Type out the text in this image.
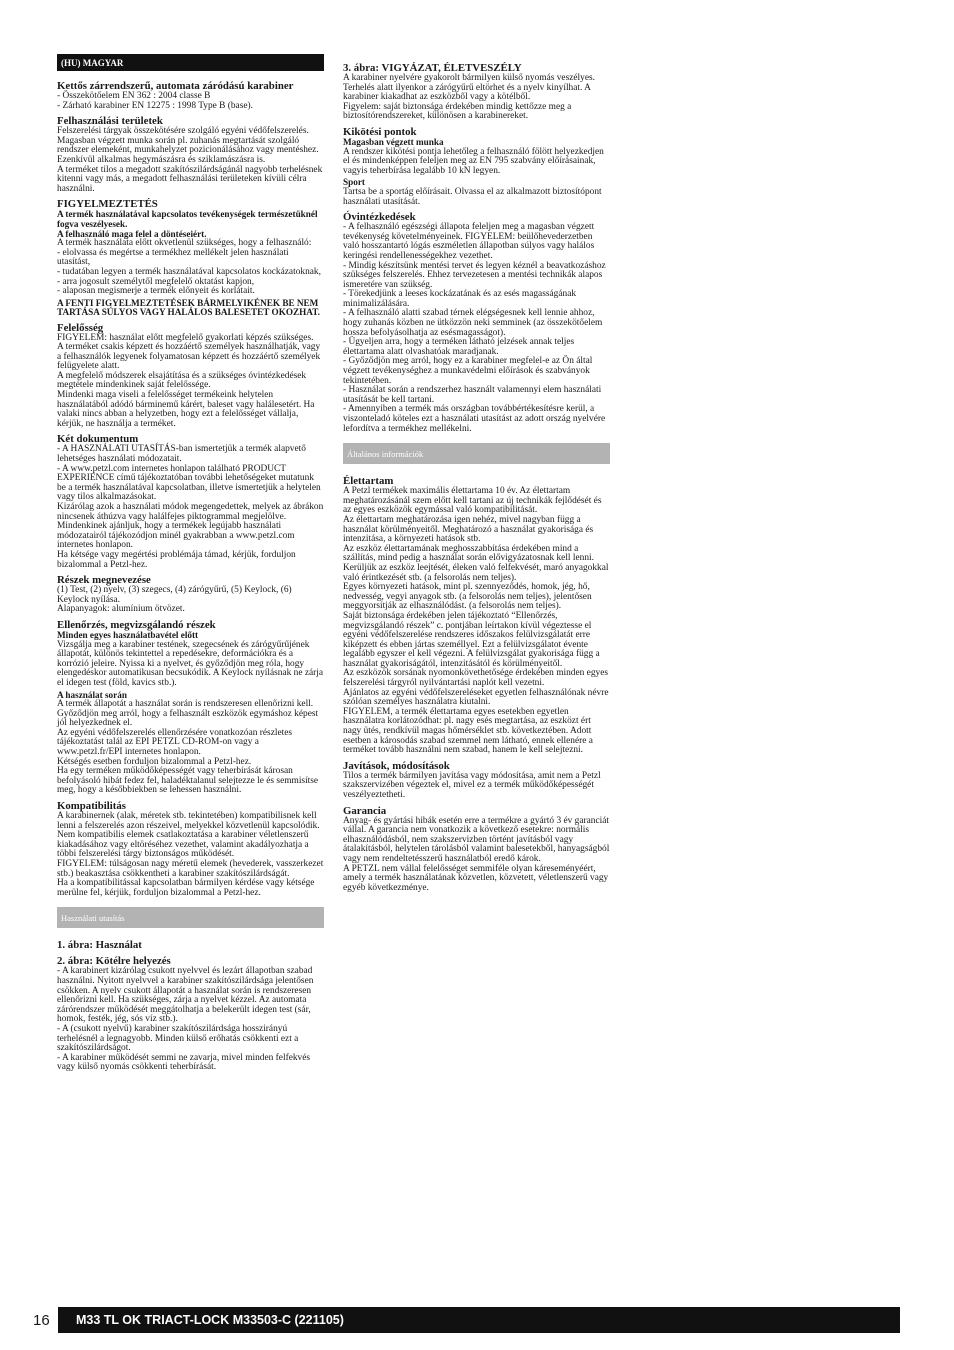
(HU) MAGYAR
Kettős zárrendszerű, automata záródású karabiner
- Összekötőelem EN 362 : 2004 classe B
- Zárható karabiner EN 12275 : 1998 Type B (base).
Felhasználási területek
Felszerelési tárgyak összekötésére szolgáló egyéni védőfelszerelés.
Magasban végzett munka során pl. zuhanás megtartását szolgáló rendszer elemeként, munkahelyzet pozicionálásához vagy mentéshez. Ezenkívül alkalmas hegymászásra és sziklamászásra is.
A terméket tilos a megadott szakítószilárdságánál nagyobb terhelésnek kitenni vagy más, a megadott felhasználási területeken kívüli célra használni.
FIGYELMEZTETÉS
A termék használatával kapcsolatos tevékenységek természetüknél fogva veszélyesek.
A felhasználó maga felel a döntéseiért.
A termék használata előtt okvetlenül szükséges, hogy a felhasználó:
- elolvassa és megértse a termékhez mellékelt jelen használati utasítást,
- tudatában legyen a termék használatával kapcsolatos kockázatoknak,
- arra jogosult személytől megfelelő oktatást kapjon,
- alaposan megismerje a termék előnyeit és korlátait.
A FENTI FIGYELMEZTETÉSEK BÁRMELYIKÉNEK BE NEM TARTÁSA SÚLYOS VAGY HALÁLOS BALESETET OKOZHAT.
Felelősség
FIGYELEM: használat előtt megfelelő gyakorlati képzés szükséges.
A terméket csakis képzett és hozzáértő személyek használhatják, vagy a felhasználók legyenek folyamatosan képzett és hozzáértő személyek felügyelete alatt.
A megfelelő módszerek elsajátítása és a szükséges óvintézkedések megtétele mindenkinek saját felelőssége.
Mindenki maga viseli a felelősséget termékeink helytelen használatából adódó bárminemű kárért, baleset vagy halálesetért. Ha valaki nincs abban a helyzetben, hogy ezt a felelősséget vállalja, kérjük, ne használja a terméket.
Két dokumentum
- A HASZNÁLATI UTASÍTÁS-ban ismertetjük a termék alapvető lehetséges használati módozatait.
- A www.petzl.com internetes honlapon található PRODUCT EXPERIENCE című tájékoztatóban további lehetőségeket mutatunk be a termék használatával kapcsolatban, illetve ismertetjük a helytelen vagy tilos alkalmazásokat.
Kizárólag azok a használati módok megengedettek, melyek az ábrákon nincsenek áthúzva vagy halálfejes piktogrammal megjelölve. Mindenkinek ajánljuk, hogy a termékek legújabb használati módozatairól tájékozódjon minél gyakrabban a www.petzl.com internetes honlapon.
Ha kétsége vagy megértési problémája támad, kérjük, forduljon bizalommal a Petzl-hez.
Részek megnevezése
(1) Test, (2) nyelv, (3) szegecs, (4) zárógyűrű, (5) Keylock, (6) Keylock nyílása.
Alapanyagok: alumínium ötvözet.
Ellenőrzés, megvizsgálandó részek
Minden egyes használatbavétel előtt
Vizsgálja meg a karabiner testének, szegecsének és zárógyűrűjének állapotát, különös tekintettel a repedésekre, deformációkra és a korrózió jeleire. Nyissa ki a nyelvet, és győződjön meg róla, hogy elengedéskor automatikusan becsukódik. A Keylock nyílásnak ne zárja el idegen test (föld, kavics stb.).
A használat során
A termék állapotát a használat során is rendszeresen ellenőrizni kell. Győződjön meg arról, hogy a felhasznált eszközök egymáshoz képest jól helyezkednek el.
Az egyéni védőfelszerelés ellenőrzésére vonatkozóan részletes tájékoztatást talál az EPI PETZL CD-ROM-on vagy a www.petzl.fr/EPI internetes honlapon.
Kétségés esetben forduljon bizalommal a Petzl-hez.
Ha egy terméken működőképességét vagy teherbírását károsan befolyásoló hibát fedez fel, haladéktalanul selejtezze le és semmisítse meg, hogy a későbbiekben se lehessen használni.
Kompatibilitás
A karabinernek (alak, méretek stb. tekintetében) kompatibilisnek kell lenni a felszerelés azon részeivel, melyekkel közvetlenül kapcsolódik. Nem kompatibilis elemek csatlakoztatása a karabiner véletlenszerű kiakadásához vagy eltöréséhez vezethet, valamint akadályozhatja a többi felszerelési tárgy biztonságos működését.
FIGYELEM: túlságosan nagy méretű elemek (hevederek, vasszerkezet stb.) beakasztása csökkentheti a karabiner szakítószilárdságát.
Ha a kompatibilitással kapcsolatban bármilyen kérdése vagy kétsége merülne fel, kérjük, forduljon bizalommal a Petzl-hez.
Használati utasítás
1. ábra: Használat
2. ábra: Kötélre helyezés
- A karabinert kizárólag csukott nyelvvel és lezárt állapotban szabad használni. Nyitott nyelvvel a karabiner szakítószilárdsága jelentősen csökken. A nyelv csukott állapotát a használat során is rendszeresen ellenőrizni kell. Ha szükséges, zárja a nyelvet kézzel. Az automata zárórendszer működését meggátolhatja a belekerült idegen test (sár, homok, festék, jég, sós víz stb.).
- A (csukott nyelvű) karabiner szakítószilárdsága hosszirányú terhelésnél a legnagyobb. Minden külső erőhatás csökkenti ezt a szakítószilárdságot.
- A karabiner működését semmi ne zavarja, mivel minden felfekvés vagy külső nyomás csökkenti teherbírását.
3. ábra: VIGYÁZAT, ÉLETVESZÉLY
A karabiner nyelvére gyakorolt bármilyen külső nyomás veszélyes. Terhelés alatt ilyenkor a zárógyűrű eltörhet és a nyelv kinyílhat. A karabiner kiakadhat az eszközből vagy a kötélből.
Figyelem: saját biztonsága érdekében mindig kettőzze meg a biztosítórendszereket, különösen a karabinereket.
Kikötési pontok
Magasban végzett munka
A rendszer kikötési pontja lehetőleg a felhasználó fölött helyezkedjen el és mindenképpen feleljen meg az EN 795 szabvány előírásainak, vagyis teherbírása legalább 10 kN legyen.
Sport
Tartsa be a sportág előírásait. Olvassa el az alkalmazott biztosítópont használati utasítását.
Óvintézkedések
- A felhasználó egészségi állapota feleljen meg a magasban végzett tevékenység követelményeinek. FIGYELEM: beülőhevederzetben való hosszantartó lógás eszméletlen állapotban súlyos vagy halálos keringési rendellenességekhez vezethet.
- Mindig készítsünk mentési tervet és legyen kéznél a beavatkozáshoz szükséges felszerelés. Ehhez tervezetesen a mentési technikák alapos ismeretére van szükség.
- Törekedjünk a leeses kockázatának és az esés magasságának minimalizálására.
- A felhasználó alatti szabad térnek elégségesnek kell lennie ahhoz, hogy zuhanás közben ne ütközzön neki semminek (az összekötőelem hossza befolyásolhatja az esésmagasságot).
- Ügyeljen arra, hogy a terméken látható jelzések annak teljes élettartama alatt olvashatóak maradjanak.
- Győződjön meg arról, hogy ez a karabiner megfelel-e az Ön által végzett tevékenységhez a munkavédelmi előírások és szabványok tekintetében.
- Használat során a rendszerhez használt valamennyi elem használati utasítását be kell tartani.
- Amennyiben a termék más országban továbbértékesítésre kerül, a viszonteladó köteles ezt a használati utasítást az adott ország nyelvére lefordítva a termékhez mellékelni.
Általános információk
Élettartam
A Petzl termékek maximális élettartama 10 év. Az élettartam meghatározásánál szem előtt kell tartani az új technikák fejlődését és az egyes eszközök egymással való kompatibilitását.
Az élettartam meghatározása igen nehéz, mivel nagyban függ a használat körülményeitől. Meghatározó a használat gyakorisága és intenzitása, a környezeti hatások stb.
Az eszköz élettartamának meghosszabbítása érdekében mind a szállítás, mind pedig a használat során elővigyázatosnak kell lenni. Kerüljük az eszköz leejtését, éleken való felfekvését, maró anyagokkal való érintkezését stb. (a felsorolás nem teljes).
Egyes környezeti hatások, mint pl. szennyeződés, homok, jég, hő, nedvesség, vegyi anyagok stb. (a felsorolás nem teljes), jelentősen meggyorsítják az elhasználódást. (a felsorolás nem teljes).
Saját biztonsága érdekében jelen tájékoztató “Ellenőrzés, megvizsgálandó részek” c. pontjában leírtakon kívül végeztesse el egyéni védőfelszerelése rendszeres időszakos felülvizsgálatát erre kiképzett és ebben jártas személlyel. Ezt a felülvizsgálatot évente legalább egyszer el kell végezni. A felülvizsgálat gyakorisága függ a használat gyakoriságától, intenzitásától és körülményeitől.
Az eszközök sorsának nyomonkövethetősége érdekében minden egyes felszerelési tárgyról nyilvántartási naplót kell vezetni.
Ajánlatos az egyéni védőfelszereléseket egyetlen felhasználónak névre szólóan személyes használatra kiutalni.
FIGYELEM, a termék élettartama egyes esetekben egyetlen használatra korlátozódhat: pl. nagy esés megtartása, az eszközt ért nagy ütés, rendkívül magas hőmérséklet stb. következtében. Adott esetben a károsodás szabad szemmel nem látható, ennek ellenére a terméket tovább használni nem szabad, hanem le kell selejtezni.
Javítások, módosítások
Tilos a termék bármilyen javítása vagy módosítása, amit nem a Petzl szakszervizében végeztek el, mivel ez a termék működőképességét veszélyeztetheti.
Garancia
Anyag- és gyártási hibák esetén erre a termékre a gyártó 3 év garanciát vállal. A garancia nem vonatkozik a következő esetekre: normális elhasználódásból, nem szakszervizben történt javításból vagy átalakításból, helytelen tárolásból valamint balesetekből, hanyagságból vagy nem rendeltetésszerű használatból eredő károk.
A PETZL nem vállal felelősséget semmiféle olyan káreseményéért, amely a termék használatának közvetlen, közvetett, véletlenszerű vagy egyéb következménye.
16	M33 TL OK TRIACT-LOCK M33503-C (221105)
